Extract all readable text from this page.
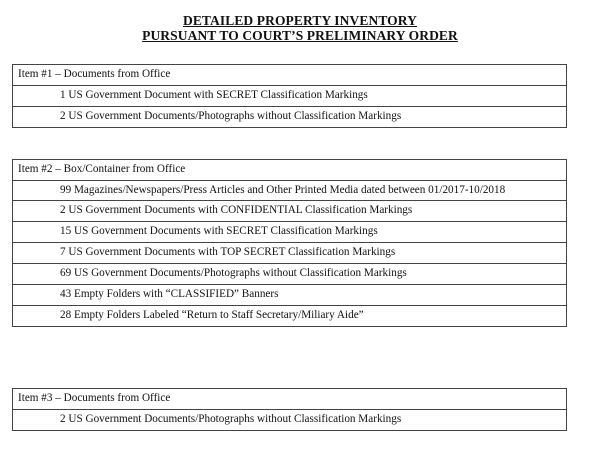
DETAILED PROPERTY INVENTORY
PURSUANT TO COURT’S PRELIMINARY ORDER
Item #1 – Documents from Office
1 US Government Document with SECRET Classification Markings
2 US Government Documents/Photographs without Classification Markings
Item #2 – Box/Container from Office
99 Magazines/Newspapers/Press Articles and Other Printed Media dated between 01/2017-10/2018
2 US Government Documents with CONFIDENTIAL Classification Markings
15 US Government Documents with SECRET Classification Markings
7 US Government Documents with TOP SECRET Classification Markings
69 US Government Documents/Photographs without Classification Markings
43 Empty Folders with “CLASSIFIED” Banners
28 Empty Folders Labeled “Return to Staff Secretary/Miliary Aide”
Item #3 – Documents from Office
2 US Government Documents/Photographs without Classification Markings
